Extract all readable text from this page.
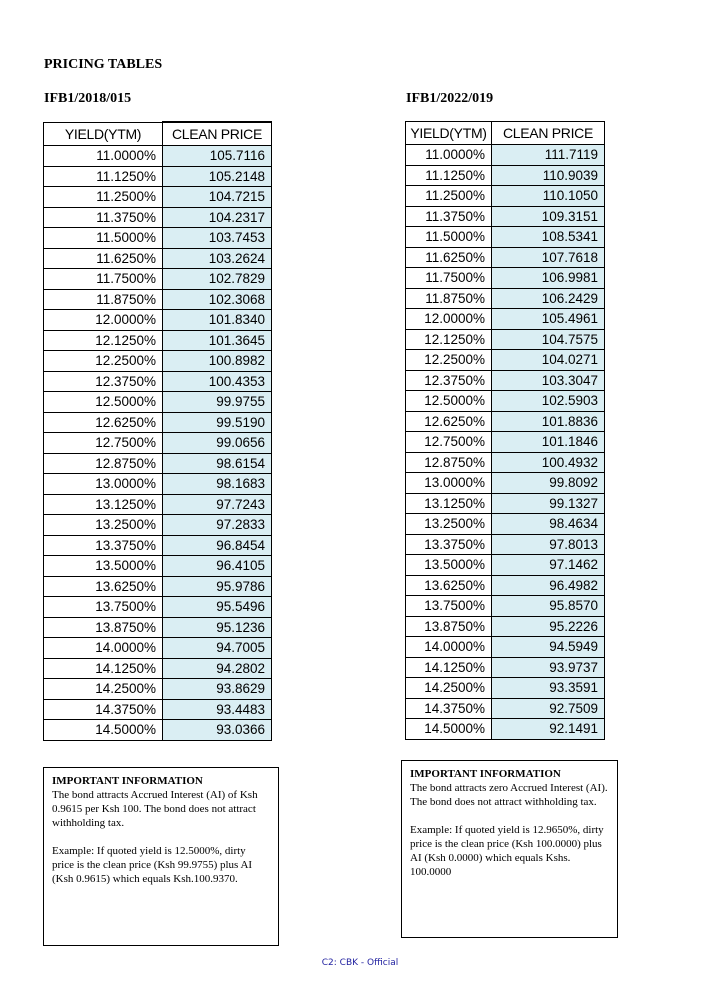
PRICING TABLES
IFB1/2018/015	IFB1/2022/019
YIELD(YTM)	CLEAN PRICE
11.0000%	105.7116
11.1250%	105.2148
11.2500%	104.7215
11.3750%	104.2317
11.5000%	103.7453
11.6250%	103.2624
11.7500%	102.7829
11.8750%	102.3068
12.0000%	101.8340
12.1250%	101.3645
12.2500%	100.8982
12.3750%	100.4353
12.5000%	99.9755
12.6250%	99.5190
12.7500%	99.0656
12.8750%	98.6154
13.0000%	98.1683
13.1250%	97.7243
13.2500%	97.2833
13.3750%	96.8454
13.5000%	96.4105
13.6250%	95.9786
13.7500%	95.5496
13.8750%	95.1236
14.0000%	94.7005
14.1250%	94.2802
14.2500%	93.8629
14.3750%	93.4483
14.5000%	93.0366
YIELD(YTM)	CLEAN PRICE
11.0000%	111.7119
11.1250%	110.9039
11.2500%	110.1050
11.3750%	109.3151
11.5000%	108.5341
11.6250%	107.7618
11.7500%	106.9981
11.8750%	106.2429
12.0000%	105.4961
12.1250%	104.7575
12.2500%	104.0271
12.3750%	103.3047
12.5000%	102.5903
12.6250%	101.8836
12.7500%	101.1846
12.8750%	100.4932
13.0000%	99.8092
13.1250%	99.1327
13.2500%	98.4634
13.3750%	97.8013
13.5000%	97.1462
13.6250%	96.4982
13.7500%	95.8570
13.8750%	95.2226
14.0000%	94.5949
14.1250%	93.9737
14.2500%	93.3591
14.3750%	92.7509
14.5000%	92.1491
IMPORTANT INFORMATION

The bond attracts Accrued Interest (AI) of Ksh 0.9615 per Ksh 100. The bond does not attract withholding tax.

Example: If quoted yield is 12.5000%, dirty price is the clean price (Ksh 99.9755) plus AI (Ksh 0.9615) which equals Ksh.100.9370.

IMPORTANT INFORMATION

The bond attracts zero Accrued Interest (AI). The bond does not attract withholding tax.

Example: If quoted yield is 12.9650%, dirty price is the clean price (Ksh 100.0000) plus AI (Ksh 0.0000) which equals Kshs. 100.0000

C2: CBK - Official
